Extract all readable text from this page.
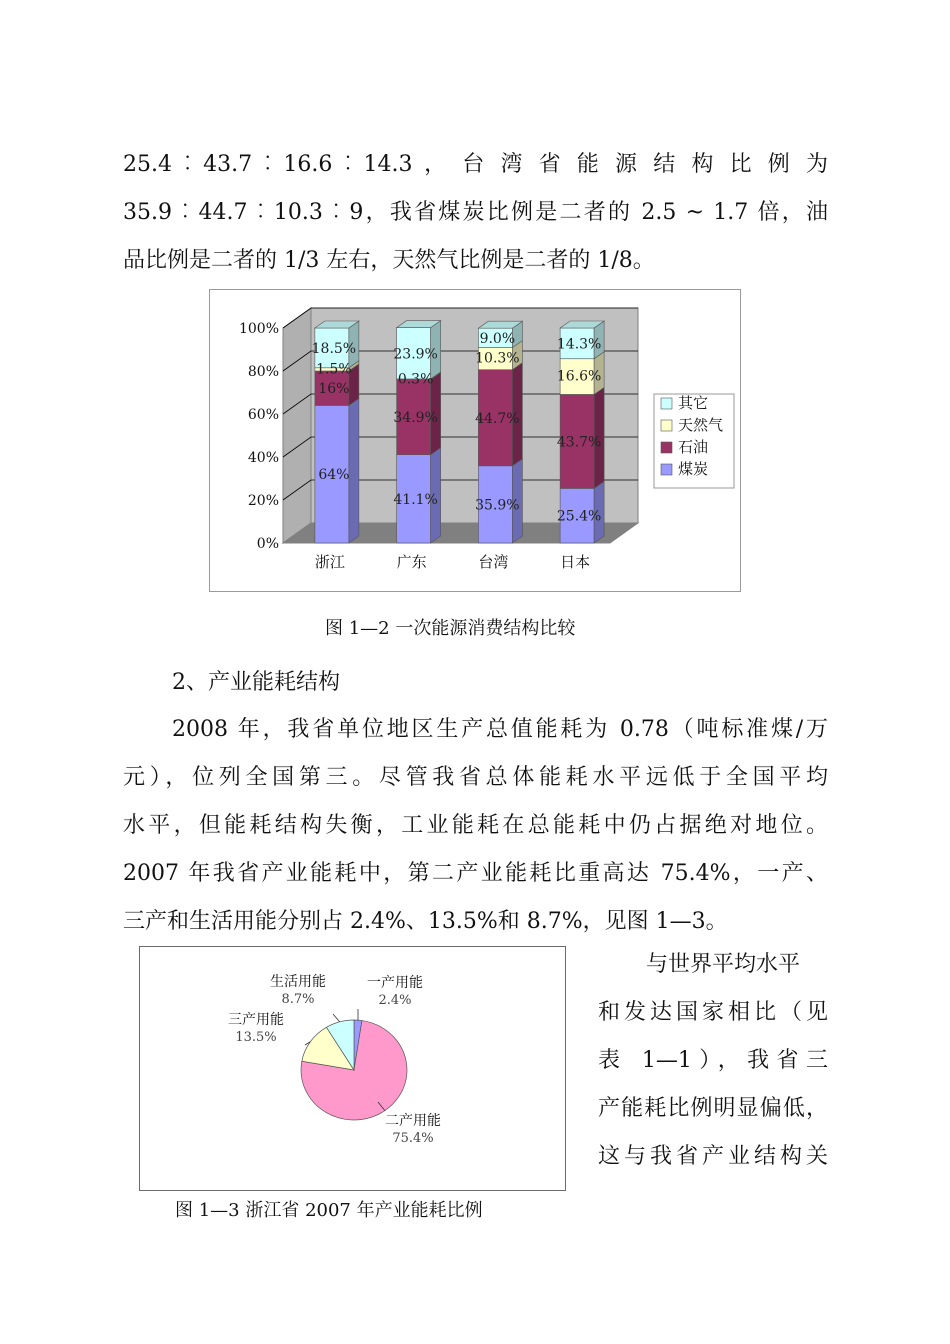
25.4︰43.7︰16.6︰14.3 ， 台 湾 省 能 源 结 构 比 例 为
35.9︰44.7︰10.3︰9，我省煤炭比例是二者的 2.5 ~ 1.7 倍，油
品比例是二者的 1/3 左右，天然气比例是二者的 1/8。
0%
20%
40%
60%
80%
100%
64%
16%
1.5%
18.5%
浙江
41.1%
34.9%
0.3%
23.9%
广东
35.9%
44.7%
10.3%
9.0%
台湾
25.4%
43.7%
16.6%
14.3%
日本
其它
天然气
石油
煤炭
图 1—2 一次能源消费结构比较
2、产业能耗结构
2008 年，我省单位地区生产总值能耗为 0.78（吨标准煤/万
元），位列全国第三。尽管我省总体能耗水平远低于全国平均
水平，但能耗结构失衡，工业能耗在总能耗中仍占据绝对地位。
2007 年我省产业能耗中，第二产业能耗比重高达 75.4%，一产、
三产和生活用能分别占 2.4%、13.5%和 8.7%，见图 1—3。
一产用能
2.4%
二产用能
75.4%
三产用能
13.5%
生活用能
8.7%
图 1—3 浙江省 2007 年产业能耗比例
与世界平均水平
和发达国家相比（见
表 1—1），我省三
产能耗比例明显偏低，
这与我省产业结构关
